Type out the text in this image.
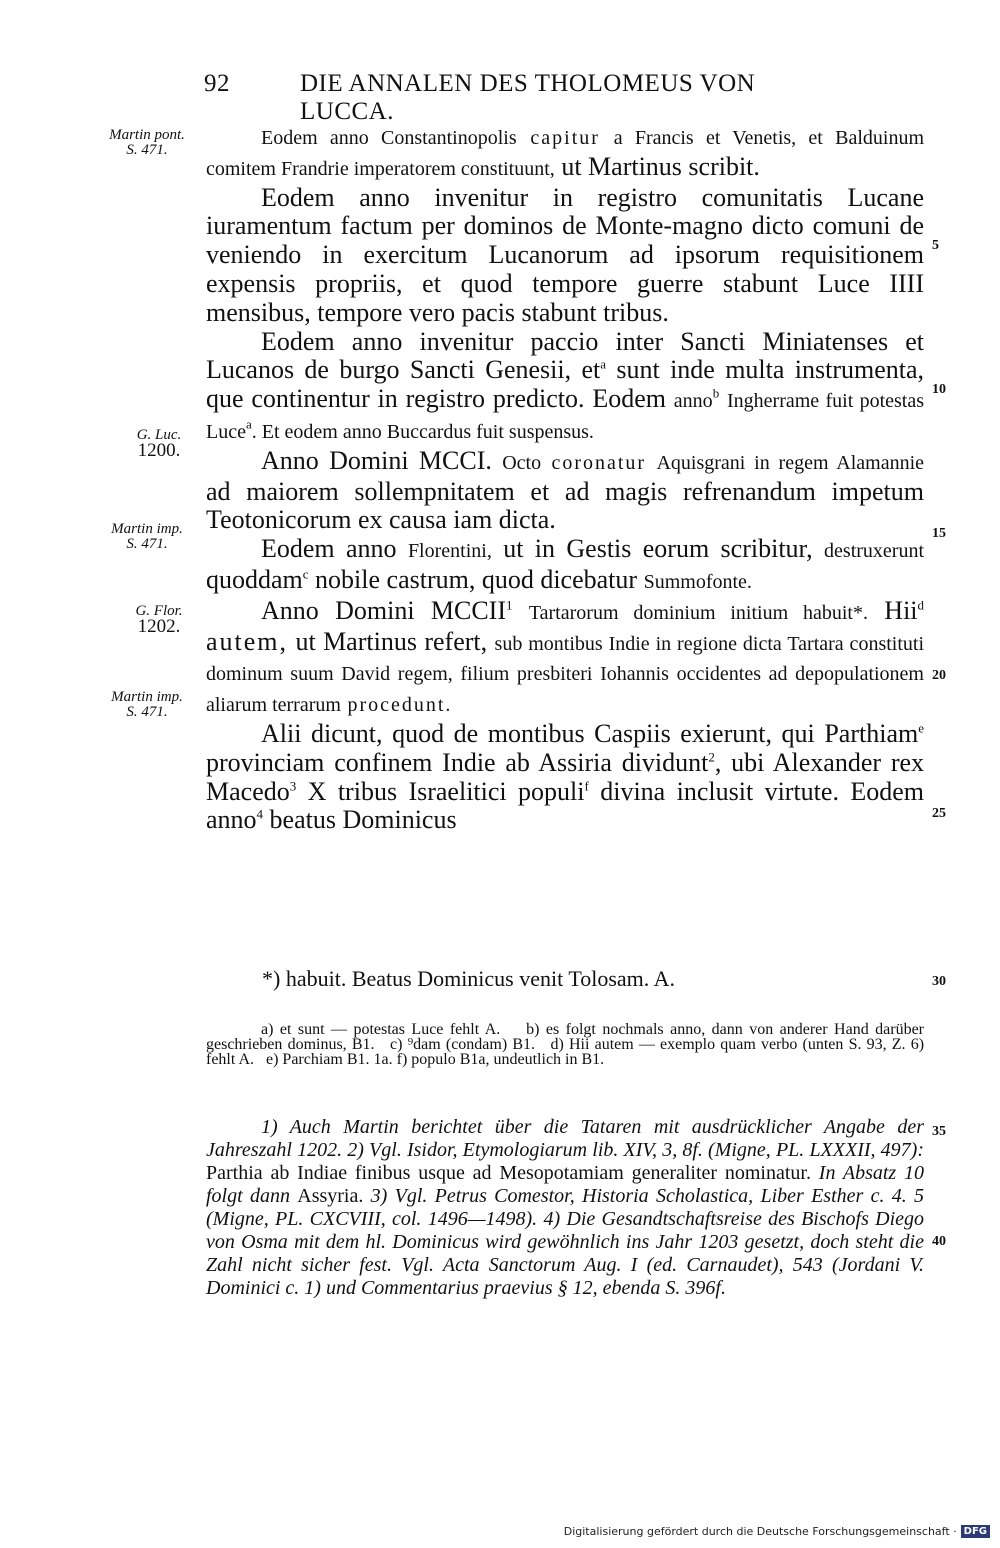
92	DIE ANNALEN DES THOLOMEUS VON LUCCA.
Martin pont.
S. 471.
G. Luc.
1200.
Martin imp.
S. 471.
G. Flor.
1202.
Martin imp.
S. 471.
5
10
15
20
25
30
35
40

Eodem anno Constantinopolis capitur a Francis et Venetis, et Balduinum comitem Frandrie imperatorem constituunt, ut Martinus scribit.

Eodem anno invenitur in registro comunitatis Lucane iuramentum factum per dominos de Monte-magno dicto comuni de veniendo in exercitum Lucanorum ad ipsorum requisitionem expensis propriis, et quod tempore guerre stabunt Luce IIII mensibus, tempore vero pacis stabunt tribus.

Eodem anno invenitur paccio inter Sancti Miniatenses et Lucanos de burgo Sancti Genesii, $et^a$ sunt inde multa instrumenta, que continentur in registro predicto. Eodem anno$^b$ Ingherrame fuit potestas Luce$^a$. Et eodem anno Buccardus fuit suspensus.

Anno Domini MCCI. Octo coronatur Aquisgrani in regem Alamannie ad maiorem sollempnitatem et ad magis refrenandum impetum Teotonicorum ex causa iam dicta.

Eodem anno Florentini, ut in Gestis eorum scribitur, destruxerunt quoddam$^c$ nobile castrum, quod dicebatur Summofonte.

Anno Domini MCCII$^1$ Tartarorum dominium initium habuit*. Hii$^d$ autem, ut Martinus refert, sub montibus Indie in regione dicta Tartara constituti dominum suum David regem, filium presbiteri Iohannis occidentes ad depopulationem aliarum terrarum procedunt.

Alii dicunt, quod de montibus Caspiis exierunt, qui Parthiam$^e$ provinciam confinem Indie ab Assiria dividunt$^2$, ubi Alexander rex Macedo$^3$ X tribus Israelitici populi$^f$ divina inclusit virtute. Eodem anno$^4$ beatus Dominicus

*) habuit. Beatus Dominicus venit Tolosam. A.

a) et sunt — potestas Luce fehlt A. b) es folgt nochmals anno, dann von anderer Hand darüber geschrieben dominus, B1. c) ⁹dam (condam) B1. d) Hii autem — exemplo quam verbo (unten S. 93, Z. 6) fehlt A. e) Parchiam B1. 1a. f) populo B1a, undeutlich in B1.

1) Auch Martin berichtet über die Tataren mit ausdrücklicher Angabe der Jahreszahl 1202. 2) Vgl. Isidor, Etymologiarum lib. XIV, 3, 8f. (Migne, PL. LXXXII, 497): Parthia ab Indiae finibus usque ad Mesopotamiam generaliter nominatur. In Absatz 10 folgt dann Assyria. 3) Vgl. Petrus Comestor, Historia Scholastica, Liber Esther c. 4. 5 (Migne, PL. CXCVIII, col. 1496—1498). 4) Die Gesandtschaftsreise des Bischofs Diego von Osma mit dem hl. Dominicus wird gewöhnlich ins Jahr 1203 gesetzt, doch steht die Zahl nicht sicher fest. Vgl. Acta Sanctorum Aug. I (ed. Carnaudet), 543 (Jordani V. Dominici c. 1) und Commentarius praevius § 12, ebenda S. 396f.

Digitalisierung gefördert durch die Deutsche Forschungsgemeinschaft · DFG
